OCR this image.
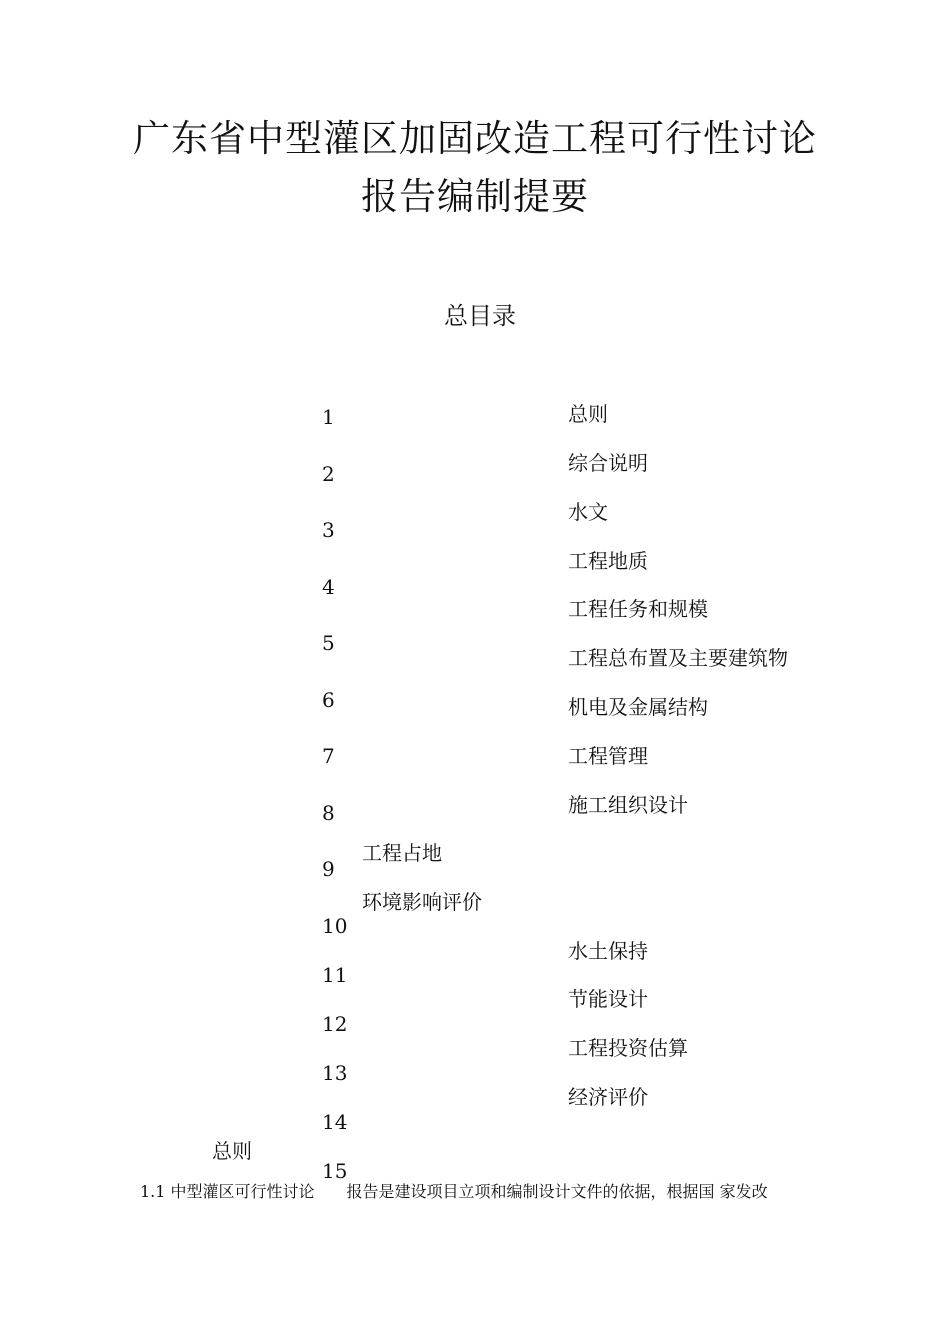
广东省中型灌区加固改造工程可行性讨论
报告编制提要
总目录
1
2
3
4
5
6
7
8
9
10
11
12
13
14
15
总则
综合说明
水文
工程地质
工程任务和规模
工程总布置及主要建筑物
机电及金属结构
工程管理
施工组织设计
工程占地
环境影响评价
水土保持
节能设计
工程投资估算
经济评价
总则
1.1 中型灌区可行性讨论 报告是建设项目立项和编制设计文件的依据，根据国 家发改
